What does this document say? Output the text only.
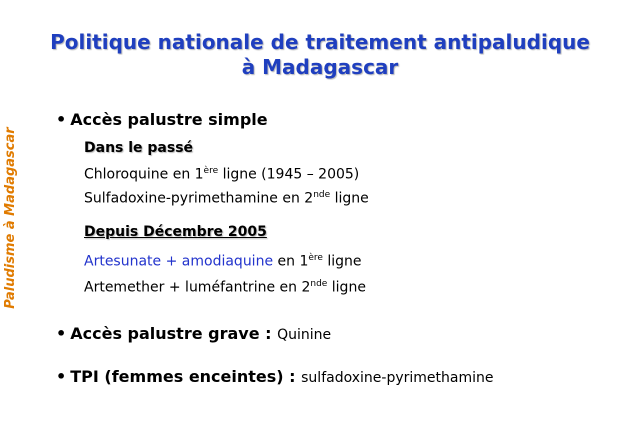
Paludisme à Madagascar
Politique nationale de traitement antipaludique
à Madagascar
• Accès palustre simple
Dans le passé
Chloroquine en 1ère ligne (1945 – 2005)
Sulfadoxine-pyrimethamine en 2nde ligne
Depuis Décembre 2005
Artesunate + amodiaquine en 1ère ligne
Artemether + luméfantrine en 2nde ligne
• Accès palustre grave : Quinine
• TPI (femmes enceintes) : sulfadoxine-pyrimethamine
